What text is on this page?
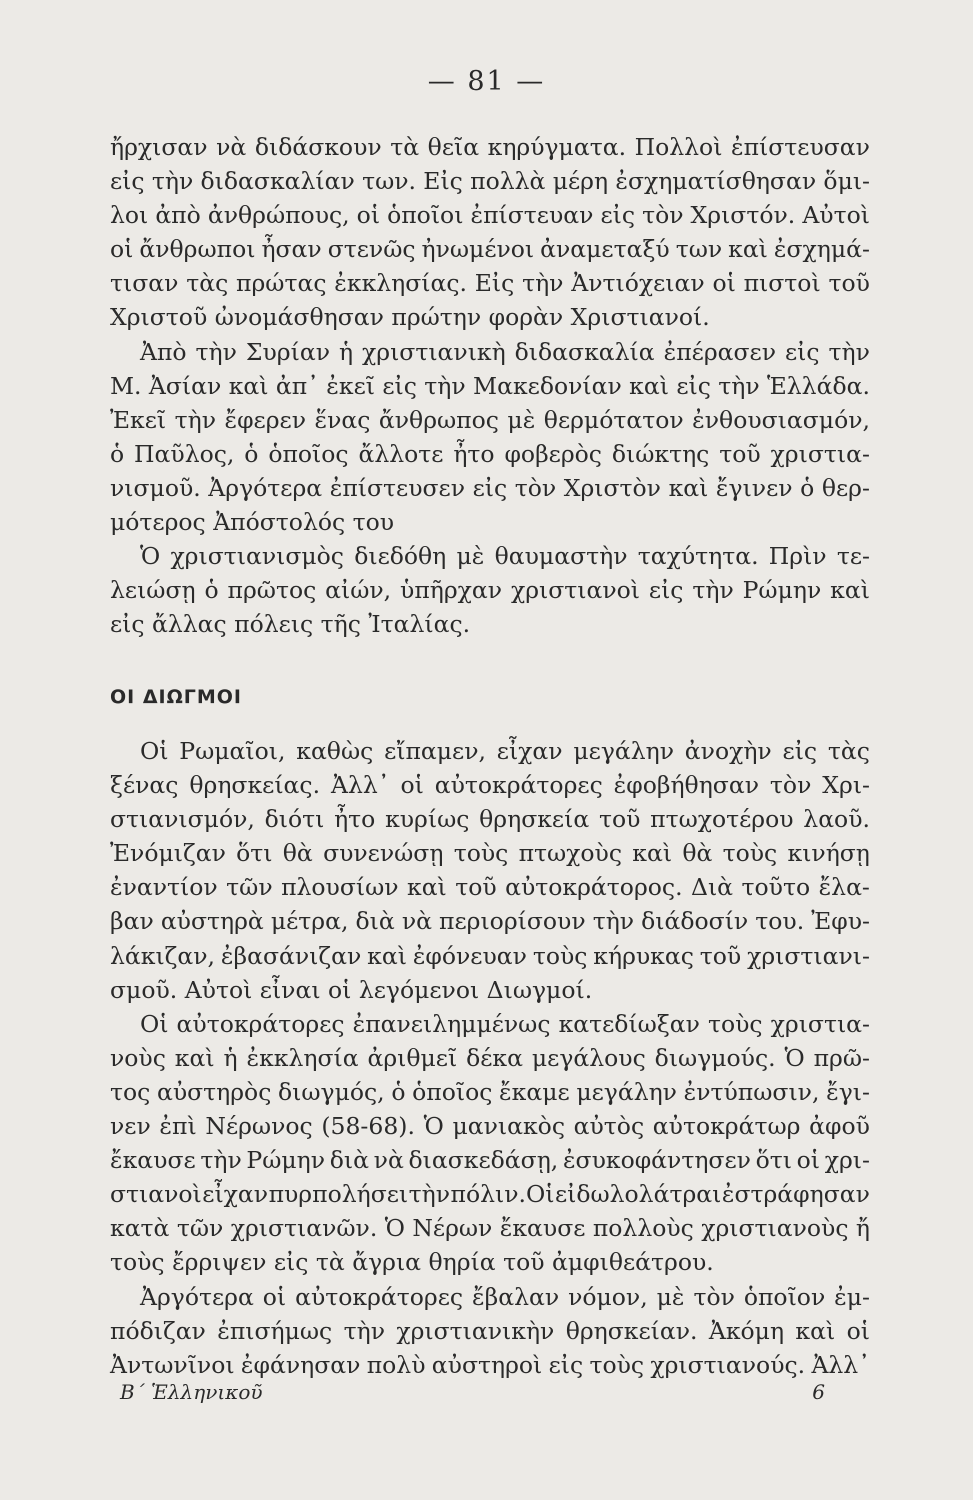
— 81 —
ἤρχισαν νὰ διδάσκουν τὰ θεῖα κηρύγματα. Πολλοὶ ἐπίστευσαν
εἰς τὴν διδασκαλίαν των. Εἰς πολλὰ μέρη ἐσχηματίσθησαν ὅμι-
λοι ἀπὸ ἀνθρώπους, οἱ ὁποῖοι ἐπίστευαν εἰς τὸν Χριστόν. Αὐτοὶ
οἱ ἄνθρωποι ἦσαν στενῶς ἠνωμένοι ἀναμεταξύ των καὶ ἐσχημά-
τισαν τὰς πρώτας ἐκκλησίας. Εἰς τὴν Ἀντιόχειαν οἱ πιστοὶ τοῦ
Χριστοῦ ὠνομάσθησαν πρώτην φορὰν Χριστιανοί.
Ἀπὸ τὴν Συρίαν ἡ χριστιανικὴ διδασκαλία ἐπέρασεν εἰς τὴν
Μ. Ἀσίαν καὶ ἀπ᾽ ἐκεῖ εἰς τὴν Μακεδονίαν καὶ εἰς τὴν Ἑλλάδα.
Ἐκεῖ τὴν ἔφερεν ἕνας ἄνθρωπος μὲ θερμότατον ἐνθουσιασμόν,
ὁ Παῦλος, ὁ ὁποῖος ἄλλοτε ἦτο φοβερὸς διώκτης τοῦ χριστια-
νισμοῦ. Ἀργότερα ἐπίστευσεν εἰς τὸν Χριστὸν καὶ ἔγινεν ὁ θερ-
μότερος Ἀπόστολός του
Ὁ χριστιανισμὸς διεδόθη μὲ θαυμαστὴν ταχύτητα. Πρὶν τε-
λειώσῃ ὁ πρῶτος αἰών, ὑπῆρχαν χριστιανοὶ εἰς τὴν Ρώμην καὶ
εἰς ἄλλας πόλεις τῆς Ἰταλίας.
ΟΙ ΔΙΩΓΜΟΙ
Οἱ Ρωμαῖοι, καθὼς εἴπαμεν, εἶχαν μεγάλην ἀνοχὴν εἰς τὰς
ξένας θρησκείας. Ἀλλ᾽ οἱ αὐτοκράτορες ἐφοβήθησαν τὸν Χρι-
στιανισμόν, διότι ἦτο κυρίως θρησκεία τοῦ πτωχοτέρου λαοῦ.
Ἐνόμιζαν ὅτι θὰ συνενώσῃ τοὺς πτωχοὺς καὶ θὰ τοὺς κινήσῃ
ἐναντίον τῶν πλουσίων καὶ τοῦ αὐτοκράτορος. Διὰ τοῦτο ἔλα-
βαν αὐστηρὰ μέτρα, διὰ νὰ περιορίσουν τὴν διάδοσίν του. Ἐφυ-
λάκιζαν, ἐβασάνιζαν καὶ ἐφόνευαν τοὺς κήρυκας τοῦ χριστιανι-
σμοῦ. Αὐτοὶ εἶναι οἱ λεγόμενοι Διωγμοί.
Οἱ αὐτοκράτορες ἐπανειλημμένως κατεδίωξαν τοὺς χριστια-
νοὺς καὶ ἡ ἐκκλησία ἀριθμεῖ δέκα μεγάλους διωγμούς. Ὁ πρῶ-
τος αὐστηρὸς διωγμός, ὁ ὁποῖος ἔκαμε μεγάλην ἐντύπωσιν, ἔγι-
νεν ἐπὶ Νέρωνος (58-68). Ὁ μανιακὸς αὐτὸς αὐτοκράτωρ ἀφοῦ
ἔκαυσε τὴν Ρώμην διὰ νὰ διασκεδάσῃ, ἐσυκοφάντησεν ὅτι οἱ χρι-
στιανοὶ εἶχαν πυρπολήσει τὴν πόλιν.Οἱ εἰδωλολάτραι ἐστράφησαν
κατὰ τῶν χριστιανῶν. Ὁ Νέρων ἔκαυσε πολλοὺς χριστιανοὺς ἤ
τοὺς ἔρριψεν εἰς τὰ ἄγρια θηρία τοῦ ἀμφιθεάτρου.
Ἀργότερα οἱ αὐτοκράτορες ἔβαλαν νόμον, μὲ τὸν ὁποῖον ἐμ-
πόδιζαν ἐπισήμως τὴν χριστιανικὴν θρησκείαν. Ἀκόμη καὶ οἱ
Ἀντωνῖνοι ἐφάνησαν πολὺ αὐστηροὶ εἰς τοὺς χριστιανούς. Ἀλλ᾽
Β΄ Ἑλληνικοῦ	6
